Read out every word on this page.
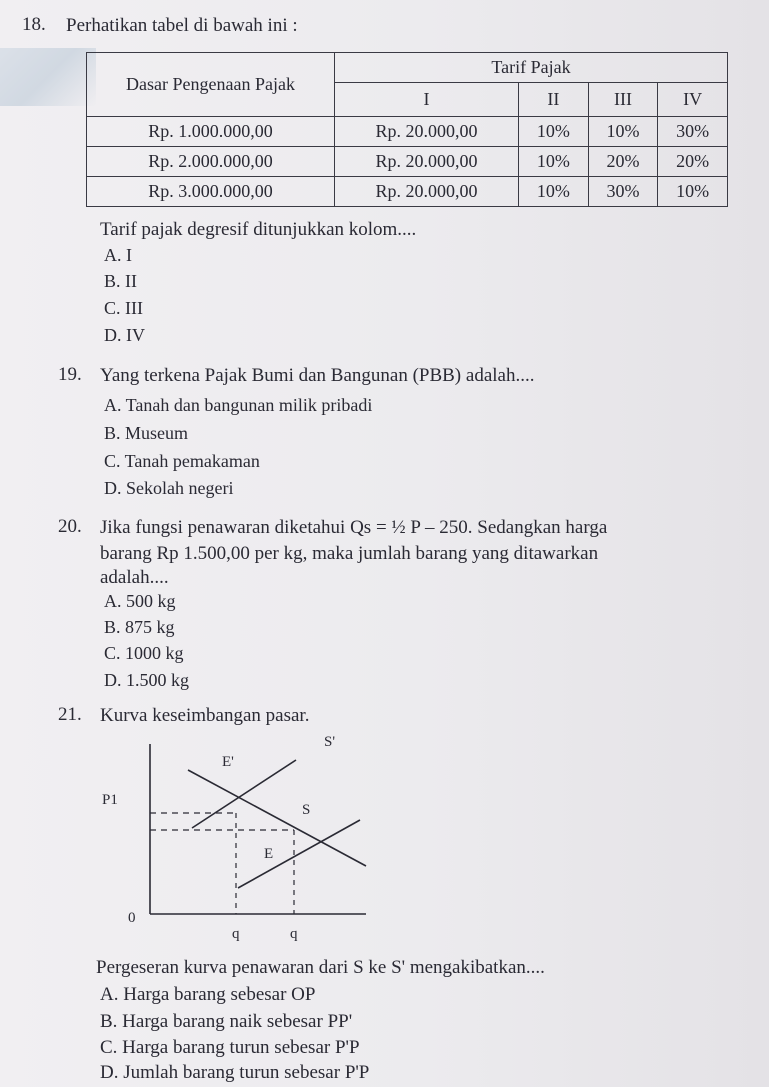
18. Perhatikan tabel di bawah ini :
Dasar Pengenaan Pajak	Tarif Pajak			
	I	II	III	IV
Rp. 1.000.000,00	Rp. 20.000,00	10%	10%	30%
Rp. 2.000.000,00	Rp. 20.000,00	10%	20%	20%
Rp. 3.000.000,00	Rp. 20.000,00	10%	30%	10%
Tarif pajak degresif ditunjukkan kolom....
A. I
B. II
C. III
D. IV
19. Yang terkena Pajak Bumi dan Bangunan (PBB) adalah....
A. Tanah dan bangunan milik pribadi
B. Museum
C. Tanah pemakaman
D. Sekolah negeri
20. Jika fungsi penawaran diketahui Qs = ½ P – 250. Sedangkan harga
barang Rp 1.500,00 per kg, maka jumlah barang yang ditawarkan
adalah....
A. 500 kg
B. 875 kg
C. 1000 kg
D. 1.500 kg
21. Kurva keseimbangan pasar.
S'
E'
P1
S
E
0
q	q
Pergeseran kurva penawaran dari S ke S' mengakibatkan....
A. Harga barang sebesar OP
B. Harga barang naik sebesar PP'
C. Harga barang turun sebesar P'P
D. Jumlah barang turun sebesar P'P
